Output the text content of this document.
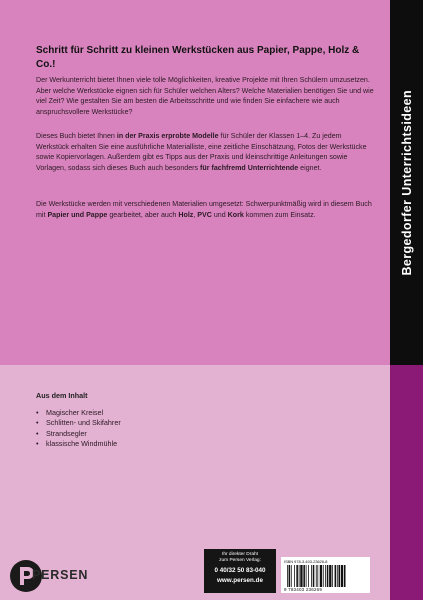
Bergedorfer Unterrichtsideen
Schritt für Schritt zu kleinen Werkstücken aus Papier, Pappe, Holz & Co.!

Der Werkunterricht bietet Ihnen viele tolle Möglichkeiten, kreative Projekte mit Ihren Schülern umzusetzen. Aber welche Werkstücke eignen sich für Schüler welchen Alters? Welche Materialien benötigen Sie und wie viel Zeit? Wie gestalten Sie am besten die Arbeitsschritte und wie finden Sie einfachere wie auch anspruchsvollere Werkstücke?

Dieses Buch bietet Ihnen in der Praxis erprobte Modelle für Schüler der Klassen 1–4. Zu jedem Werkstück erhalten Sie eine ausführliche Materialliste, eine zeitliche Einschätzung, Fotos der Werkstücke sowie Kopiervorlagen. Außerdem gibt es Tipps aus der Praxis und kleinschrittige Anleitungen sowie Vorlagen, sodass sich dieses Buch auch besonders für fachfremd Unterrichtende eignet.

Die Werkstücke werden mit verschiedenen Materialien umgesetzt: Schwerpunktmäßig wird in diesem Buch mit Papier und Pappe gearbeitet, aber auch Holz, PVC und Kork kommen zum Einsatz.

Aus dem Inhalt
• Magischer Kreisel
• Schlitten- und Skifahrer
• Strandsegler
• klassische Windmühle
PERSEN
Ihr direkter Draht
zum Persen Verlag:
0 40/32 50 83-040
www.persen.de
ISBN 978-3-403-23626-8
9 783403 236269
